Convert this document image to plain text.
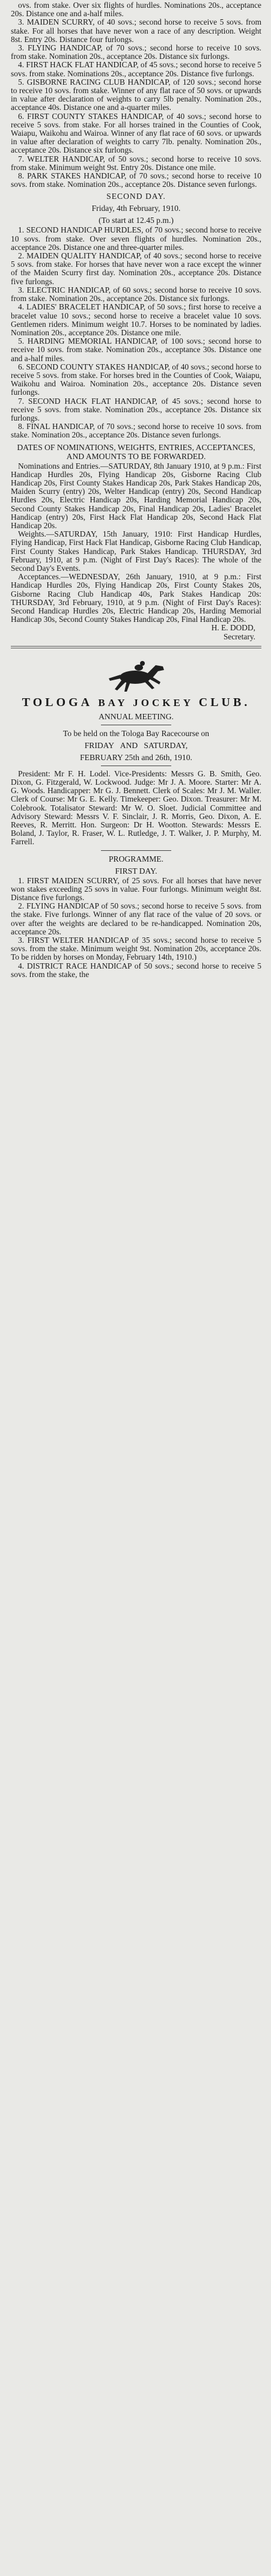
ovs. from stake. Over six flights of hurdles. Nominations 20s., acceptance 20s. Distance one and a-half miles.

3. MAIDEN SCURRY, of 40 sovs.; second horse to receive 5 sovs. from stake. For all horses that have never won a race of any description. Weight 8st. Entry 20s. Distance four furlongs.

3. FLYING HANDICAP, of 70 sovs.; second horse to receive 10 sovs. from stake. Nomination 20s., acceptance 20s. Distance six furlongs.

4. FIRST HACK FLAT HANDICAP, of 45 sovs.; second horse to receive 5 sovs. from stake. Nominations 20s., acceptance 20s. Distance five furlongs.

5. GISBORNE RACING CLUB HANDICAP, of 120 sovs.; second horse to receive 10 sovs. from stake. Winner of any flat race of 50 sovs. or upwards in value after declaration of weights to carry 5lb penalty. Nomination 20s., acceptance 40s. Distance one and a-quarter miles.

6. FIRST COUNTY STAKES HANDICAP, of 40 sovs.; second horse to receive 5 sovs. from stake. For all horses trained in the Counties of Cook, Waiapu, Waikohu and Wairoa. Winner of any flat race of 60 sovs. or upwards in value after declaration of weights to carry 7lb. penalty. Nomination 20s., acceptance 20s. Distance six furlongs.

7. WELTER HANDICAP, of 50 sovs.; second horse to receive 10 sovs. from stake. Minimum weight 9st. Entry 20s. Distance one mile.

8. PARK STAKES HANDICAP, of 70 sovs.; second horse to receive 10 sovs. from stake. Nomination 20s., acceptance 20s. Distance seven furlongs.

SECOND DAY.
Friday, 4th February, 1910.
(To start at 12.45 p.m.)

1. SECOND HANDICAP HURDLES, of 70 sovs.; second horse to receive 10 sovs. from stake. Over seven flights of hurdles. Nomination 20s., acceptance 20s. Distance one and three-quarter miles.

2. MAIDEN QUALITY HANDICAP, of 40 sovs.; second horse to receive 5 sovs. from stake. For horses that have never won a race except the winner of the Maiden Scurry first day. Nomination 20s., acceptance 20s. Distance five furlongs.

3. ELECTRIC HANDICAP, of 60 sovs.; second horse to receive 10 sovs. from stake. Nomination 20s., acceptance 20s. Distance six furlongs.

4. LADIES' BRACELET HANDICAP, of 50 sovs.; first horse to receive a bracelet value 10 sovs.; second horse to receive a bracelet value 10 sovs. Gentlemen riders. Minimum weight 10.7. Horses to be nominated by ladies. Nomination 20s., acceptance 20s. Distance one mile.

5. HARDING MEMORIAL HANDICAP, of 100 sovs.; second horse to receive 10 sovs. from stake. Nomination 20s., acceptance 30s. Distance one and a-half miles.

6. SECOND COUNTY STAKES HANDICAP, of 40 sovs.; second horse to receive 5 sovs. from stake. For horses bred in the Counties of Cook, Waiapu, Waikohu and Wairoa. Nomination 20s., acceptance 20s. Distance seven furlongs.

7. SECOND HACK FLAT HANDICAP, of 45 sovs.; second horse to receive 5 sovs. from stake. Nomination 20s., acceptance 20s. Distance six furlongs.

8. FINAL HANDICAP, of 70 sovs.; second horse to receive 10 sovs. from stake. Nomination 20s., acceptance 20s. Distance seven furlongs.

DATES OF NOMINATIONS, WEIGHTS, ENTRIES, ACCEPTANCES, AND AMOUNTS TO BE FORWARDED.

Nominations and Entries.—SATURDAY, 8th January 1910, at 9 p.m.: First Handicap Hurdles 20s, Flying Handicap 20s, Gisborne Racing Club Handicap 20s, First County Stakes Handicap 20s, Park Stakes Handicap 20s, Maiden Scurry (entry) 20s, Welter Handicap (entry) 20s, Second Handicap Hurdles 20s, Electric Handicap 20s, Harding Memorial Handicap 20s, Second County Stakes Handicap 20s, Final Handicap 20s, Ladies' Bracelet Handicap (entry) 20s, First Hack Flat Handicap 20s, Second Hack Flat Handicap 20s.

Weights.—SATURDAY, 15th January, 1910: First Handicap Hurdles, Flying Handicap, First Hack Flat Handicap, Gisborne Racing Club Handicap, First County Stakes Handicap, Park Stakes Handicap. THURSDAY, 3rd February, 1910, at 9 p.m. (Night of First Day's Races): The whole of the Second Day's Events.

Acceptances.—WEDNESDAY, 26th January, 1910, at 9 p.m.: First Handicap Hurdles 20s, Flying Handicap 20s, First County Stakes 20s, Gisborne Racing Club Handicap 40s, Park Stakes Handicap 20s: THURSDAY, 3rd February, 1910, at 9 p.m. (Night of First Day's Races): Second Handicap Hurdles 20s, Electric Handicap 20s, Harding Memorial Handicap 30s, Second County Stakes Handicap 20s, Final Handicap 20s.

H. E. DODD,
Secretary.
TOLOGA BAY JOCKEY CLUB.
ANNUAL MEETING.
To be held on the Tologa Bay Racecourse on
FRIDAY AND SATURDAY,
FEBRUARY 25th and 26th, 1910.

President: Mr F. H. Lodel. Vice-Presidents: Messrs G. B. Smith, Geo. Dixon, G. Fitzgerald, W. Lockwood. Judge: Mr J. A. Moore. Starter: Mr A. G. Woods. Handicapper: Mr G. J. Bennett. Clerk of Scales: Mr J. M. Waller. Clerk of Course: Mr G. E. Kelly. Timekeeper: Geo. Dixon. Treasurer: Mr M. Colebrook. Totalisator Steward: Mr W. O. Sloet. Judicial Committee and Advisory Steward: Messrs V. F. Sinclair, J. R. Morris, Geo. Dixon, A. E. Reeves, R. Merritt. Hon. Surgeon: Dr H. Wootton. Stewards: Messrs E. Boland, J. Taylor, R. Fraser, W. L. Rutledge, J. T. Walker, J. P. Murphy, M. Farrell.

PROGRAMME.
FIRST DAY.

1. FIRST MAIDEN SCURRY, of 25 sovs. For all horses that have never won stakes exceeding 25 sovs in value. Four furlongs. Minimum weight 8st. Distance five furlongs.

2. FLYING HANDICAP of 50 sovs.; second horse to receive 5 sovs. from the stake. Five furlongs. Winner of any flat race of the value of 20 sovs. or over after the weights are declared to be re-handicapped. Nomination 20s, acceptance 20s.

3. FIRST WELTER HANDICAP of 35 sovs.; second horse to receive 5 sovs. from the stake. Minimum weight 9st. Nomination 20s, acceptance 20s. To be ridden by horses on Monday, February 14th, 1910.)

4. DISTRICT RACE HANDICAP of 50 sovs.; second horse to receive 5 sovs. from the stake, the
